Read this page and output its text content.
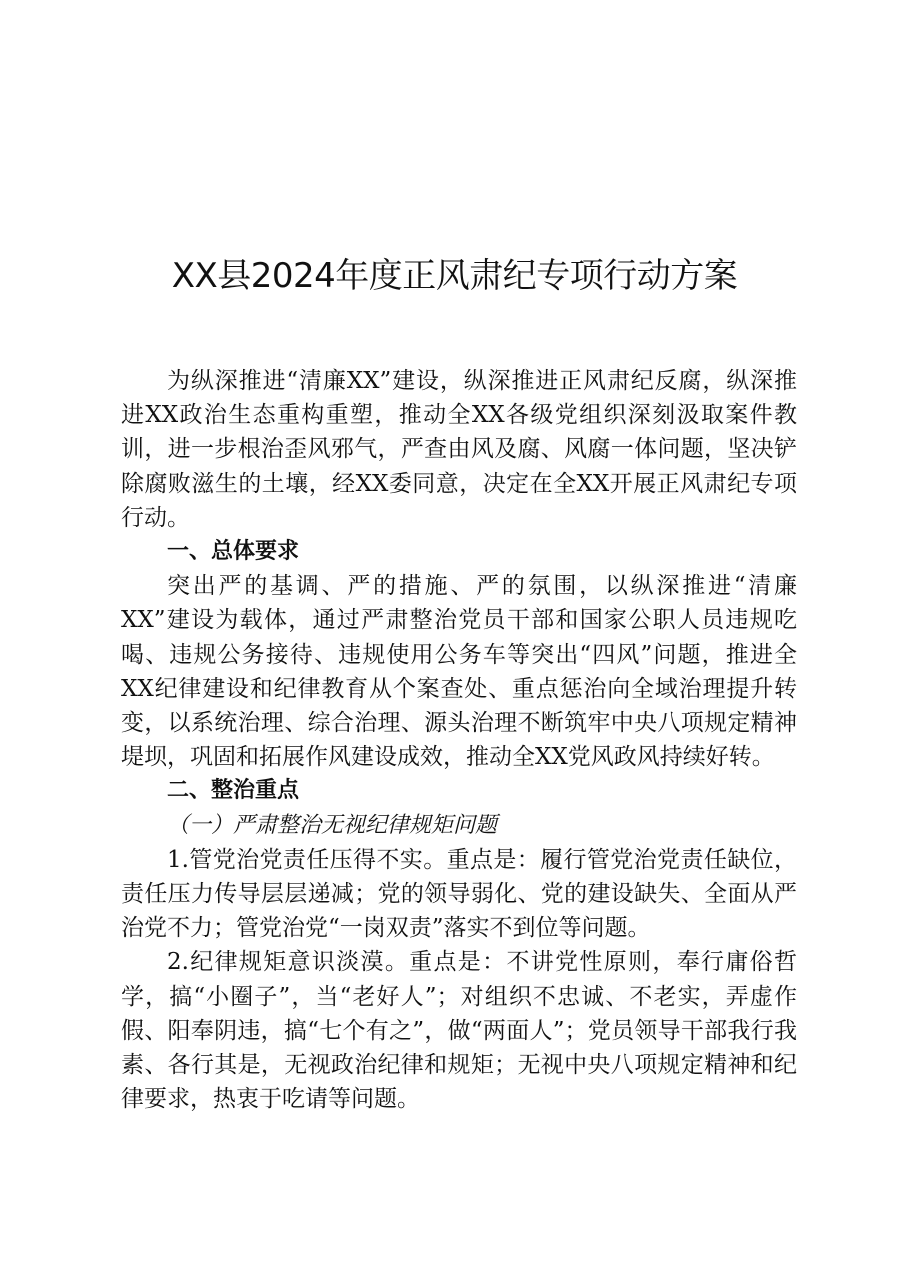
XX县2024年度正风肃纪专项行动方案

为纵深推进“清廉XX”建设，纵深推进正风肃纪反腐，纵深推进XX政治生态重构重塑，推动全XX各级党组织深刻汲取案件教训，进一步根治歪风邪气，严查由风及腐、风腐一体问题，坚决铲除腐败滋生的土壤，经XX委同意，决定在全XX开展正风肃纪专项行动。

一、总体要求

突出严的基调、严的措施、严的氛围，以纵深推进“清廉XX”建设为载体，通过严肃整治党员干部和国家公职人员违规吃喝、违规公务接待、违规使用公务车等突出“四风”问题，推进全XX纪律建设和纪律教育从个案查处、重点惩治向全域治理提升转变，以系统治理、综合治理、源头治理不断筑牢中央八项规定精神堤坝，巩固和拓展作风建设成效，推动全XX党风政风持续好转。

二、整治重点

（一）严肃整治无视纪律规矩问题

1.管党治党责任压得不实。重点是：履行管党治党责任缺位，责任压力传导层层递减；党的领导弱化、党的建设缺失、全面从严治党不力；管党治党“一岗双责”落实不到位等问题。

2.纪律规矩意识淡漠。重点是：不讲党性原则，奉行庸俗哲学，搞“小圈子”，当“老好人”；对组织不忠诚、不老实，弄虚作假、阳奉阴违，搞“七个有之”，做“两面人”；党员领导干部我行我素、各行其是，无视政治纪律和规矩；无视中央八项规定精神和纪律要求，热衷于吃请等问题。
